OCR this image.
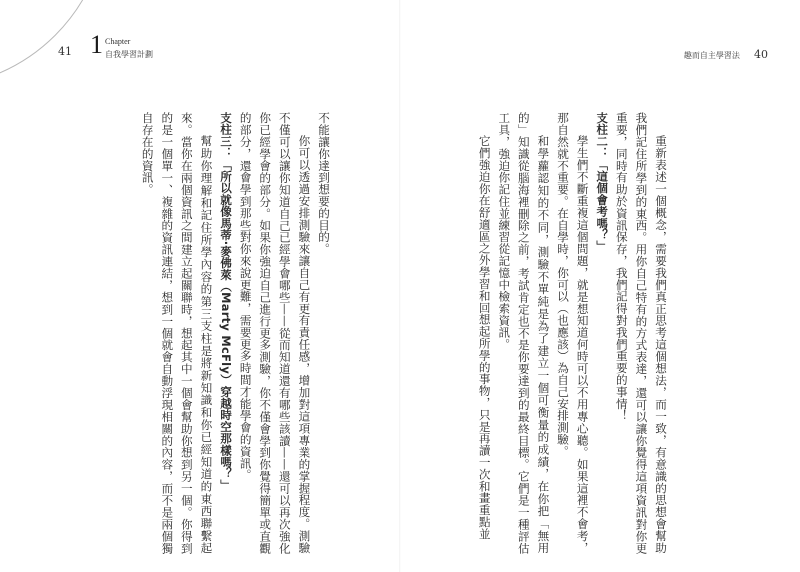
41 1 Chapter
自我學習計劃	趣而自主學習法 40

重新表述一個概念，需要我們真正思考這個想法，而一致，有意識的思想會幫助我們記住所學到的東西。用你自己特有的方式表達，還可以讓你覺得這項資訊對你更重要，同時有助於資訊保存，我們記得對我們重要的事情！

支柱二：「這個會考嗎？」

學生們不斷重複這個問題，就是想知道何時可以不用專心聽。如果這裡不會考，那自然就不重要。在自學時，你可以（也應該）為自己安排測驗。

和學蘿認知的不同，測驗不單純是為了建立一個可衡量的成績，在你把「無用的」知識從腦海裡刪除之前，考試肯定也不是你要達到的最終目標。它們是一種評估工具，強迫你記住並練習從記憶中檢索資訊。

它們強迫你在舒適區之外學習和回想起所學的事物，只是再讀一次和畫重點並

不能讓你達到想要的目的。

你可以透過安排測驗來讓自己有更有責任感，增加對這項專業的掌握程度。測驗不僅可以讓你知道自己已經學會哪些——從而知道還有哪些該讀——還可以再次強化你已經學會的部分。如果你強迫自己進行更多測驗，你不僅會學到你覺得簡單或直觀的部分，還會學到那些對你來說更難，需要更多時間才能學會的資訊。

支柱三：「所以就像馬蒂·麥佛萊（Marty McFly）穿越時空那樣嗎？」

幫助你理解和記住所學內容的第三支柱是將新知識和你已經知道的東西聯繫起來。當你在兩個資訊之間建立起關聯時，想起其中一個會幫助你想到另一個。你得到的是一個單一、複雜的資訊連結，想到一個就會自動浮現相關的內容，而不是兩個獨自存在的資訊。
